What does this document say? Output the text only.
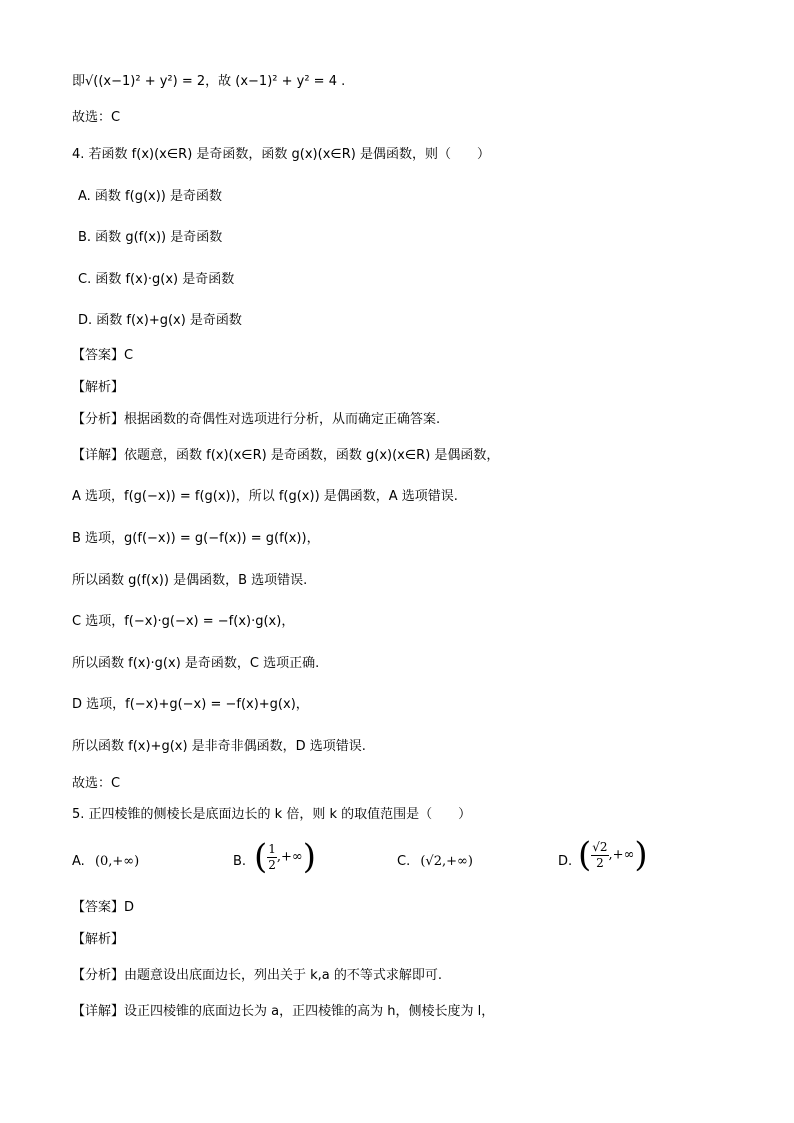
即√((x−1)² + y²) = 2，故 (x−1)² + y² = 4 .
故选：C
4. 若函数 f(x)(x∈R) 是奇函数，函数 g(x)(x∈R) 是偶函数，则（　　）
A. 函数 f(g(x)) 是奇函数
B. 函数 g(f(x)) 是奇函数
C. 函数 f(x)·g(x) 是奇函数
D. 函数 f(x)+g(x) 是奇函数
【答案】C
【解析】
【分析】根据函数的奇偶性对选项进行分析，从而确定正确答案.
【详解】依题意，函数 f(x)(x∈R) 是奇函数，函数 g(x)(x∈R) 是偶函数，
A 选项，f(g(−x)) = f(g(x))，所以 f(g(x)) 是偶函数，A 选项错误.
B 选项，g(f(−x)) = g(−f(x)) = g(f(x))，
所以函数 g(f(x)) 是偶函数，B 选项错误.
C 选项，f(−x)·g(−x) = −f(x)·g(x)，
所以函数 f(x)·g(x) 是奇函数，C 选项正确.
D 选项，f(−x)+g(−x) = −f(x)+g(x)，
所以函数 f(x)+g(x) 是非奇非偶函数，D 选项错误.
故选：C
5. 正四棱锥的侧棱长是底面边长的 k 倍，则 k 的取值范围是（　　）
A. (0,+∞)	B. ( $\frac{1}{2}$ ,+∞)	C. (√2,+∞)	D. ( $\frac{√2}{2}$ ,+∞)
【答案】D
【解析】
【分析】由题意设出底面边长，列出关于 k,a 的不等式求解即可.
【详解】设正四棱锥的底面边长为 a，正四棱锥的高为 h，侧棱长度为 l，
